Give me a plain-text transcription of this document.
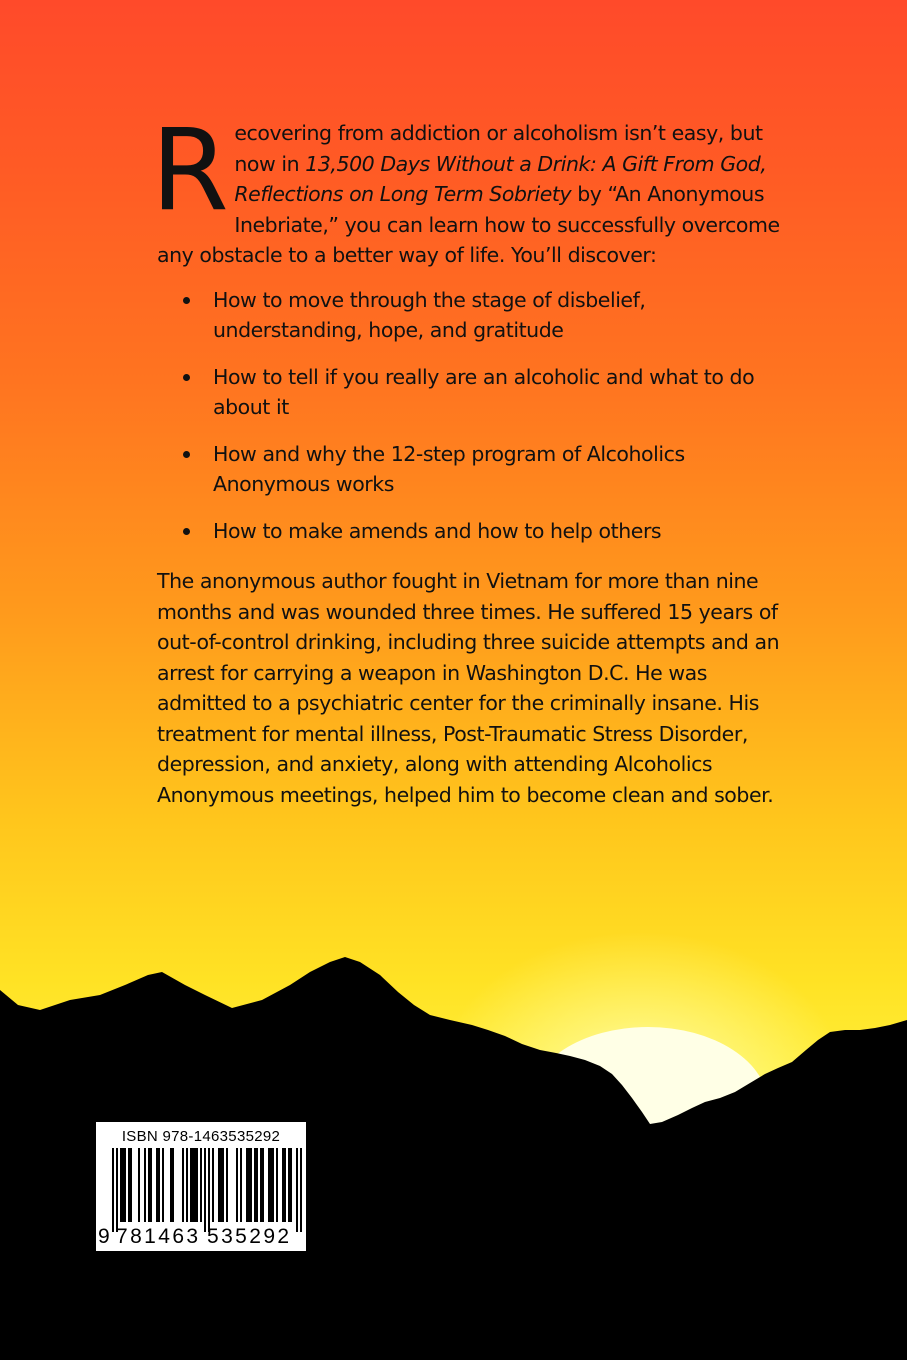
Recovering from addiction or alcoholism isn’t easy, but now in 13,500 Days Without a Drink: A Gift From God, Reflections on Long Term Sobriety by “An Anonymous Inebriate,” you can learn how to successfully overcome any obstacle to a better way of life. You’ll discover:

How to move through the stage of disbelief, understanding, hope, and gratitude
How to tell if you really are an alcoholic and what to do about it
How and why the 12-step program of Alcoholics Anonymous works
How to make amends and how to help others

The anonymous author fought in Vietnam for more than nine months and was wounded three times. He suffered 15 years of out-of-control drinking, including three suicide attempts and an arrest for carrying a weapon in Washington D.C. He was admitted to a psychiatric center for the criminally insane. His treatment for mental illness, Post-Traumatic Stress Disorder, depression, and anxiety, along with attending Alcoholics Anonymous meetings, helped him to become clean and sober.

ISBN 978-1463535292
9 781463 535292
